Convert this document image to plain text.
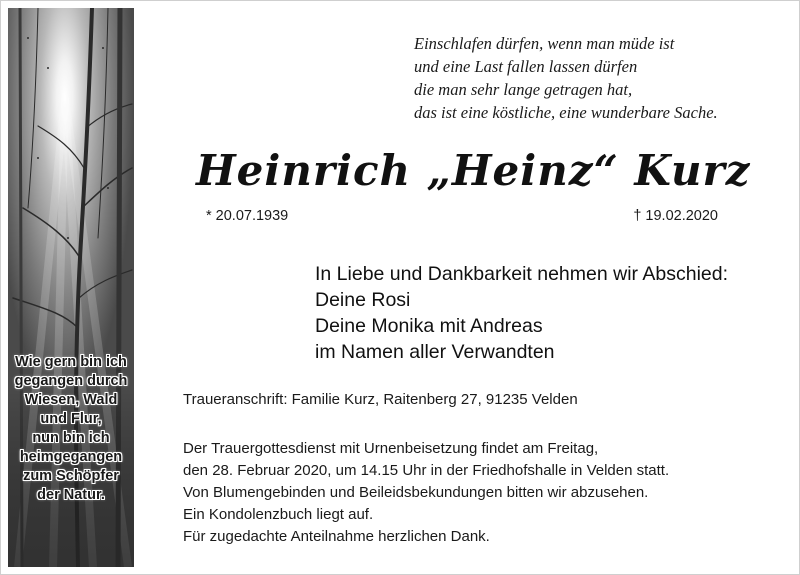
Wie gern bin ich
gegangen durch
Wiesen, Wald
und Flur,
nun bin ich
heimgegangen
zum Schöpfer
der Natur.
Einschlafen dürfen, wenn man müde ist
und eine Last fallen lassen dürfen
die man sehr lange getragen hat,
das ist eine köstliche, eine wunderbare Sache.
Heinrich „Heinz“ Kurz
* 20.07.1939	† 19.02.2020
In Liebe und Dankbarkeit nehmen wir Abschied:
Deine Rosi
Deine Monika mit Andreas
im Namen aller Verwandten
Traueranschrift: Familie Kurz, Raitenberg 27, 91235 Velden
Der Trauergottesdienst mit Urnenbeisetzung findet am Freitag,
den 28. Februar 2020, um 14.15 Uhr in der Friedhofshalle in Velden statt.
Von Blumengebinden und Beileidsbekundungen bitten wir abzusehen.
Ein Kondolenzbuch liegt auf.
Für zugedachte Anteilnahme herzlichen Dank.
